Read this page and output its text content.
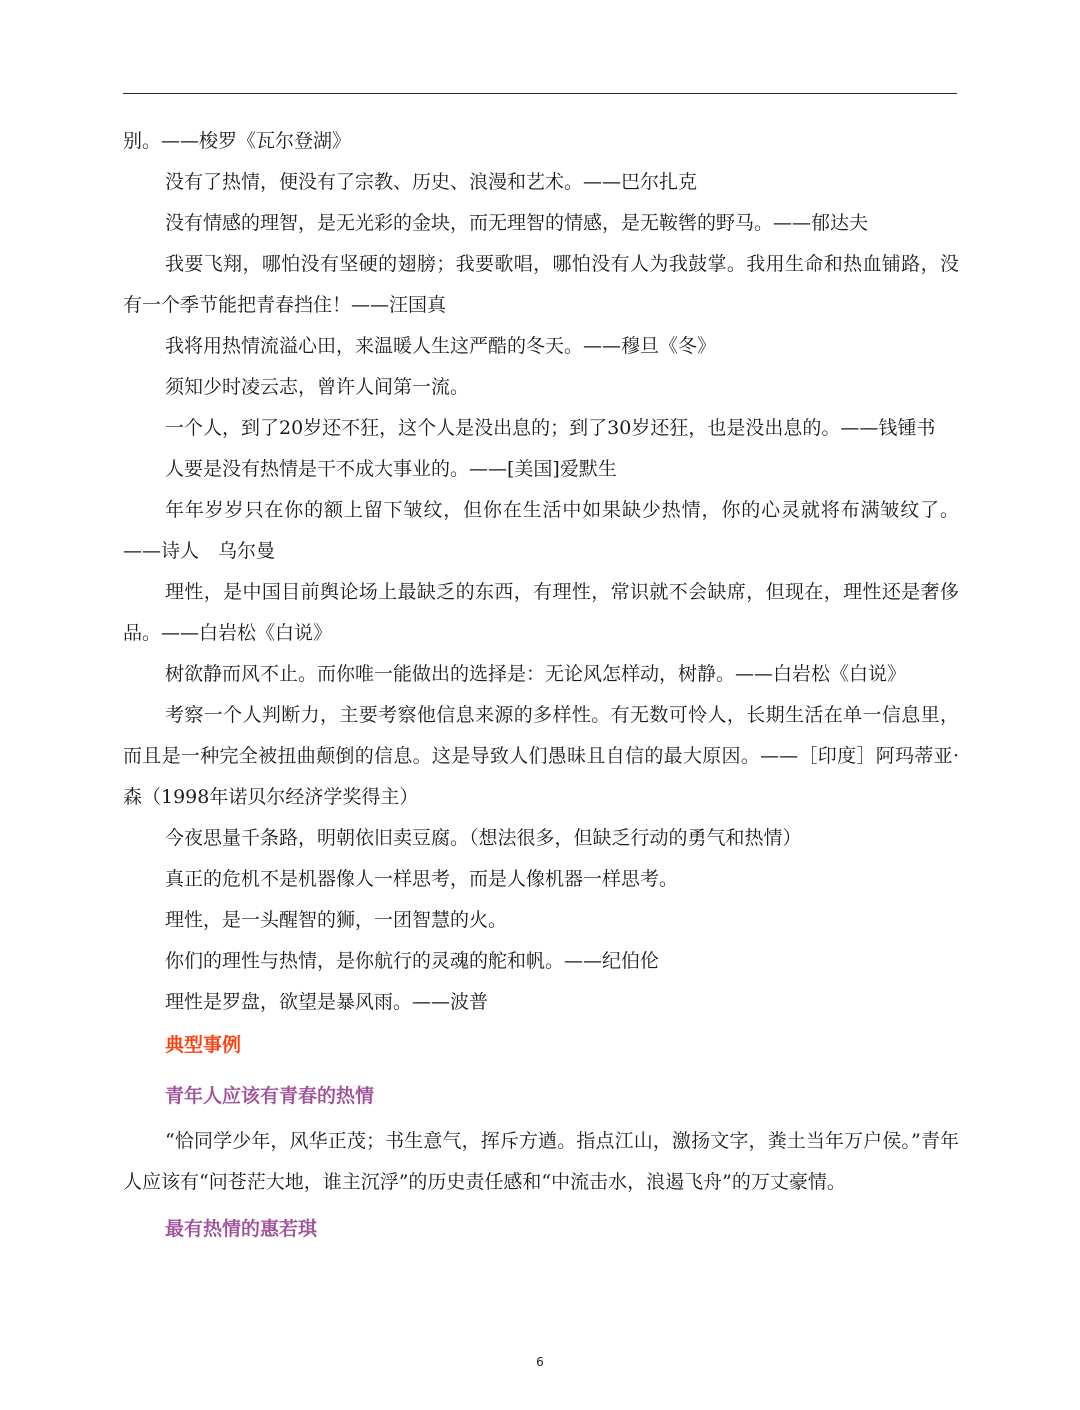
别。——梭罗《瓦尔登湖》

没有了热情，便没有了宗教、历史、浪漫和艺术。——巴尔扎克

没有情感的理智，是无光彩的金块，而无理智的情感，是无鞍辔的野马。——郁达夫

我要飞翔，哪怕没有坚硬的翅膀；我要歌唱，哪怕没有人为我鼓掌。我用生命和热血铺路，没有一个季节能把青春挡住！——汪国真

我将用热情流溢心田，来温暖人生这严酷的冬天。——穆旦《冬》

须知少时凌云志，曾许人间第一流。

一个人，到了20岁还不狂，这个人是没出息的；到了30岁还狂，也是没出息的。——钱锺书

人要是没有热情是干不成大事业的。——[美国]爱默生

年年岁岁只在你的额上留下皱纹，但你在生活中如果缺少热情，你的心灵就将布满皱纹了。——诗人　乌尔曼

理性，是中国目前舆论场上最缺乏的东西，有理性，常识就不会缺席，但现在，理性还是奢侈品。——白岩松《白说》

树欲静而风不止。而你唯一能做出的选择是：无论风怎样动，树静。——白岩松《白说》

考察一个人判断力，主要考察他信息来源的多样性。有无数可怜人，长期生活在单一信息里，而且是一种完全被扭曲颠倒的信息。这是导致人们愚昧且自信的最大原因。——［印度］阿玛蒂亚·森（1998年诺贝尔经济学奖得主）

今夜思量千条路，明朝依旧卖豆腐。（想法很多，但缺乏行动的勇气和热情）

真正的危机不是机器像人一样思考，而是人像机器一样思考。

理性，是一头醒智的狮，一团智慧的火。

你们的理性与热情，是你航行的灵魂的舵和帆。——纪伯伦

理性是罗盘，欲望是暴风雨。——波普

典型事例
青年人应该有青春的热情

“恰同学少年，风华正茂；书生意气，挥斥方遒。指点江山，激扬文字，粪土当年万户侯。”青年人应该有“问苍茫大地，谁主沉浮”的历史责任感和“中流击水，浪遏飞舟”的万丈豪情。

最有热情的惠若琪
6
